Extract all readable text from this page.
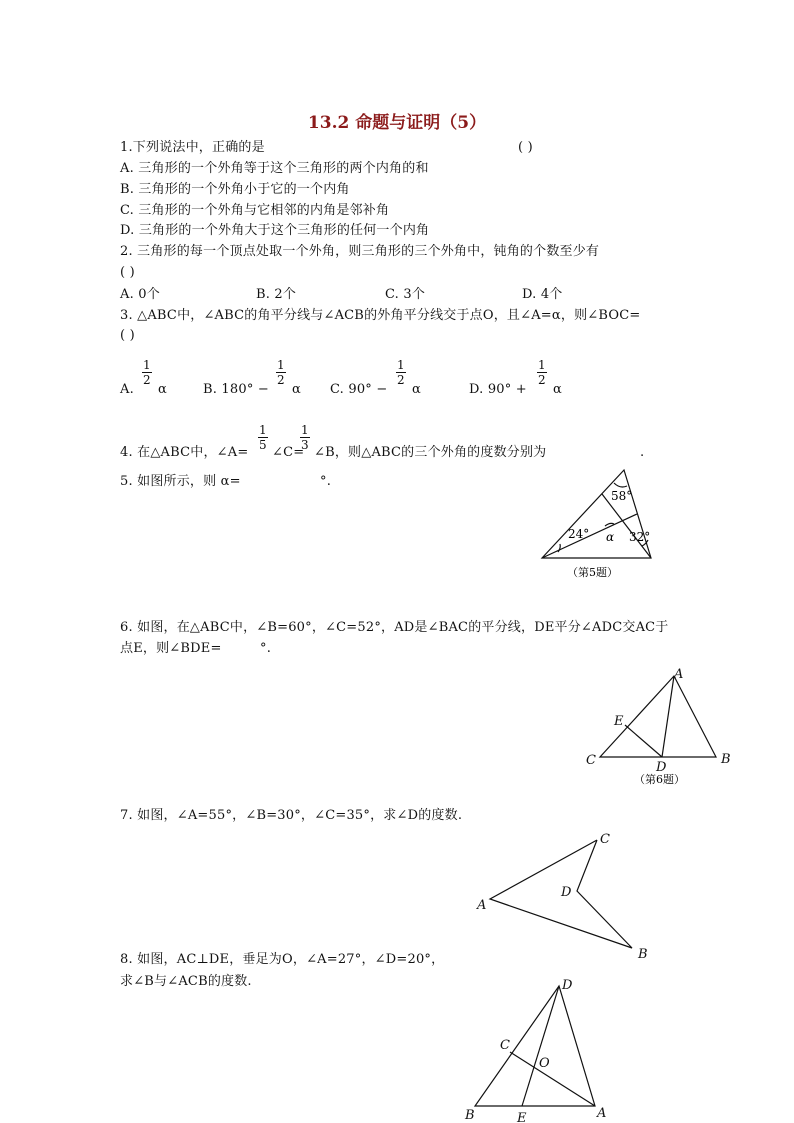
13.2 命题与证明（5）
1.下列说法中，正确的是	( )
A. 三角形的一个外角等于这个三角形的两个内角的和
B. 三角形的一个外角小于它的一个内角
C. 三角形的一个外角与它相邻的内角是邻补角
D. 三角形的一个外角大于这个三角形的任何一个内角
2. 三角形的每一个顶点处取一个外角，则三角形的三个外角中，钝角的个数至少有
( )
A. 0个	B. 2个	C. 3个	D. 4个
3. △ABC中，∠ABC的角平分线与∠ACB的外角平分线交于点O，且∠A=α，则∠BOC=
( )
A.
$\frac{1}{2}$
α	B. 180° −
$\frac{1}{2}$
α C. 90° −
$\frac{1}{2}$
α	D. 90° +
$\frac{1}{2}$
α
4. 在△ABC中，∠A=
$\frac{1}{5}$
∠C=
$\frac{1}{3}$
∠B，则△ABC的三个外角的度数分别为	.
5. 如图所示，则 α=	°.
58°
24° α 32°
（第5题）
6. 如图，在△ABC中，∠B=60°，∠C=52°，AD是∠BAC的平分线，DE平分∠ADC交AC于
点E，则∠BDE=	°.
A
B
C	D
E
（第6题）
7. 如图，∠A=55°，∠B=30°，∠C=35°，求∠D的度数.
C
A
D
B
8. 如图，AC⊥DE，垂足为O，∠A=27°，∠D=20°，
求∠B与∠ACB的度数.	D
C
O
B	E	A
